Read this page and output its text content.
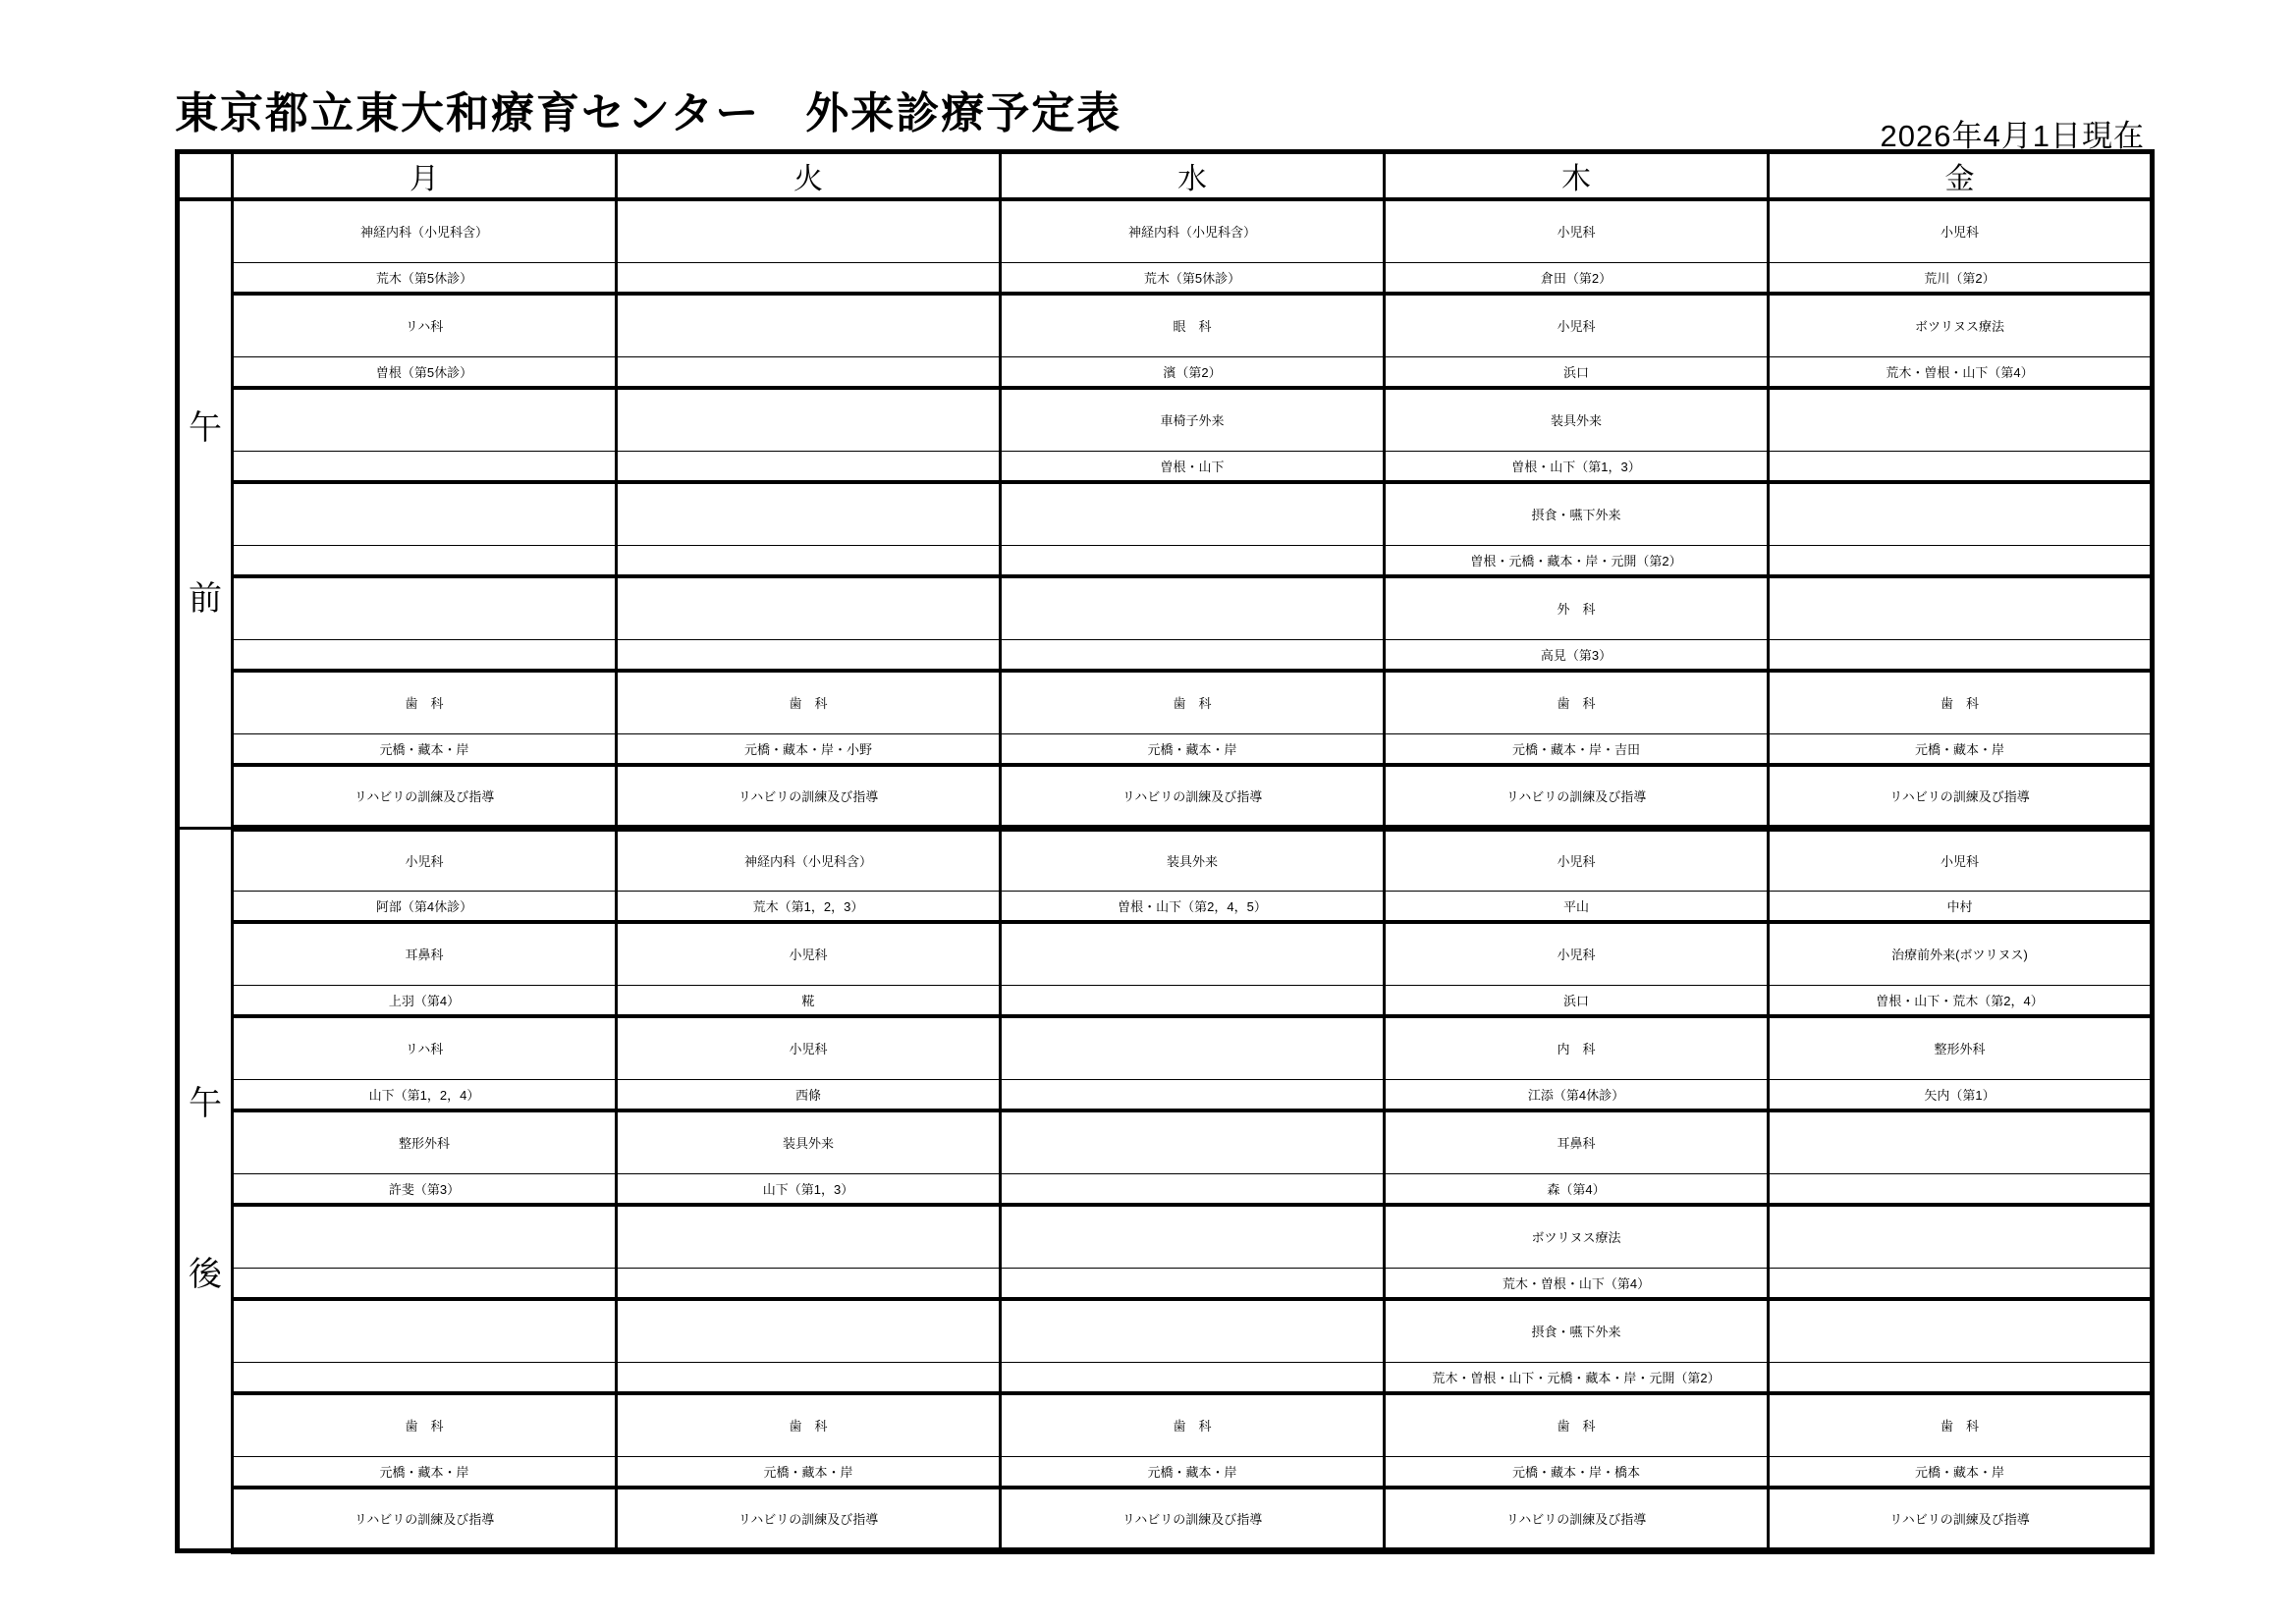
東京都立東大和療育センター　外来診療予定表	2026年4月1日現在
	月	火	水	木	金

午
前	神経内科（小児科含）		神経内科（小児科含）	小児科	小児科
	荒木（第5休診）		荒木（第5休診）	倉田（第2）	荒川（第2）
	リハ科		眼　科	小児科	ボツリヌス療法
	曽根（第5休診）		濱（第2）	浜口	荒木・曽根・山下（第4）
			車椅子外来	装具外来	
			曽根・山下	曽根・山下（第1，3）	
				摂食・嚥下外来	
				曽根・元橋・藏本・岸・元開（第2）	
				外　科	
				高見（第3）	
	歯　科	歯　科	歯　科	歯　科	歯　科
	元橋・藏本・岸	元橋・藏本・岸・小野	元橋・藏本・岸	元橋・藏本・岸・吉田	元橋・藏本・岸
	リハビリの訓練及び指導	リハビリの訓練及び指導	リハビリの訓練及び指導	リハビリの訓練及び指導	リハビリの訓練及び指導

午
後	小児科	神経内科（小児科含）	装具外来	小児科	小児科
	阿部（第4休診）	荒木（第1，2，3）	曽根・山下（第2，4，5）	平山	中村
	耳鼻科	小児科		小児科	治療前外来(ボツリヌス)
	上羽（第4）	糀		浜口	曽根・山下・荒木（第2，4）
	リハ科	小児科		内　科	整形外科
	山下（第1，2，4）	西條		江添（第4休診）	矢内（第1）
	整形外科	装具外来		耳鼻科	
	許斐（第3）	山下（第1，3）		森（第4）	
				ボツリヌス療法	
				荒木・曽根・山下（第4）	
				摂食・嚥下外来	
				荒木・曽根・山下・元橋・藏本・岸・元開（第2）	
	歯　科	歯　科	歯　科	歯　科	歯　科
	元橋・藏本・岸	元橋・藏本・岸	元橋・藏本・岸	元橋・藏本・岸・橋本	元橋・藏本・岸
	リハビリの訓練及び指導	リハビリの訓練及び指導	リハビリの訓練及び指導	リハビリの訓練及び指導	リハビリの訓練及び指導
